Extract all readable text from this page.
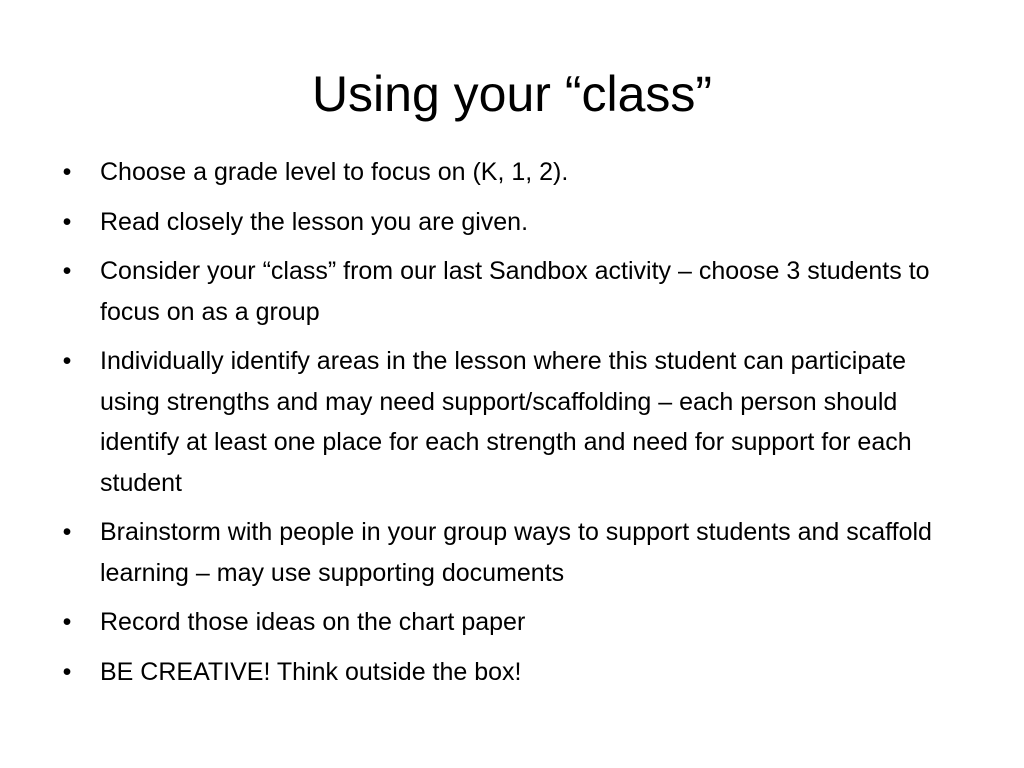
Using your “class”
• Choose a grade level to focus on (K, 1, 2).
• Read closely the lesson you are given.
• Consider your “class” from our last Sandbox activity – choose 3 students to focus on as a group
• Individually identify areas in the lesson where this student can participate using strengths and may need support/scaffolding – each person should identify at least one place for each strength and need for support for each student
• Brainstorm with people in your group ways to support students and scaffold learning – may use supporting documents
• Record those ideas on the chart paper
• BE CREATIVE! Think outside the box!
